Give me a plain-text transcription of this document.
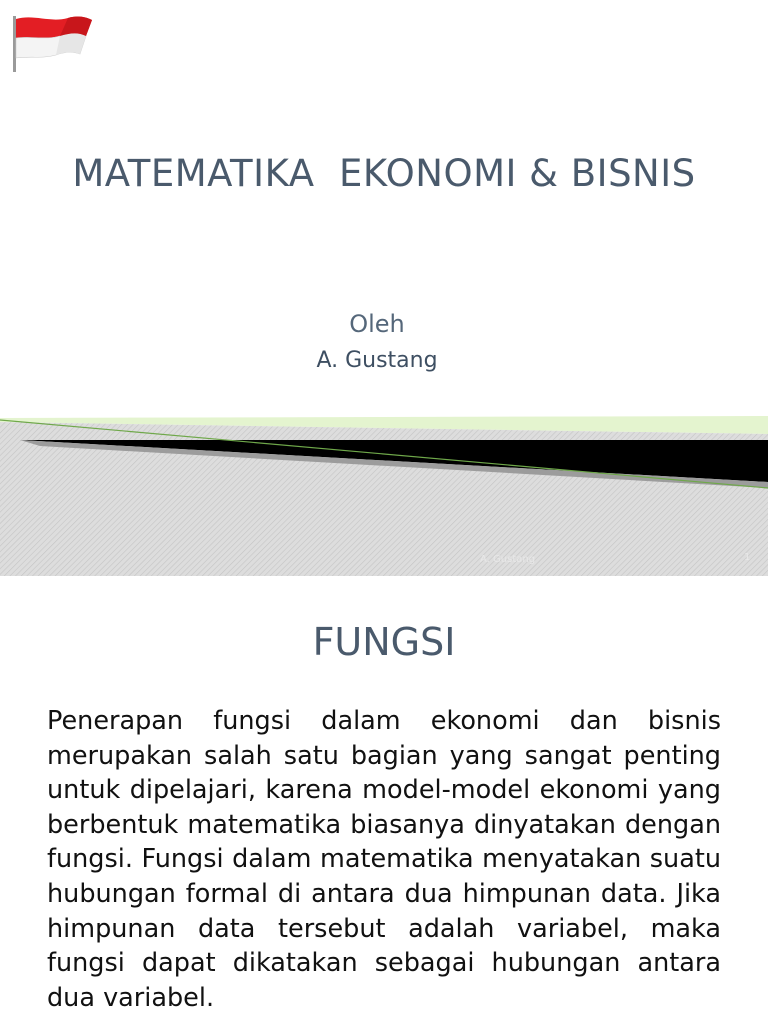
MATEMATIKA  EKONOMI & BISNIS
Oleh
A. Gustang
A. Gustang	1
FUNGSI
Penerapan fungsi dalam ekonomi dan bisnis merupakan salah satu bagian yang sangat penting untuk dipelajari, karena model-model ekonomi yang berbentuk matematika biasanya dinyatakan dengan fungsi. Fungsi dalam matematika menyatakan suatu hubungan formal di antara dua himpunan data. Jika himpunan data tersebut adalah variabel, maka fungsi dapat dikatakan sebagai hubungan antara dua variabel.
